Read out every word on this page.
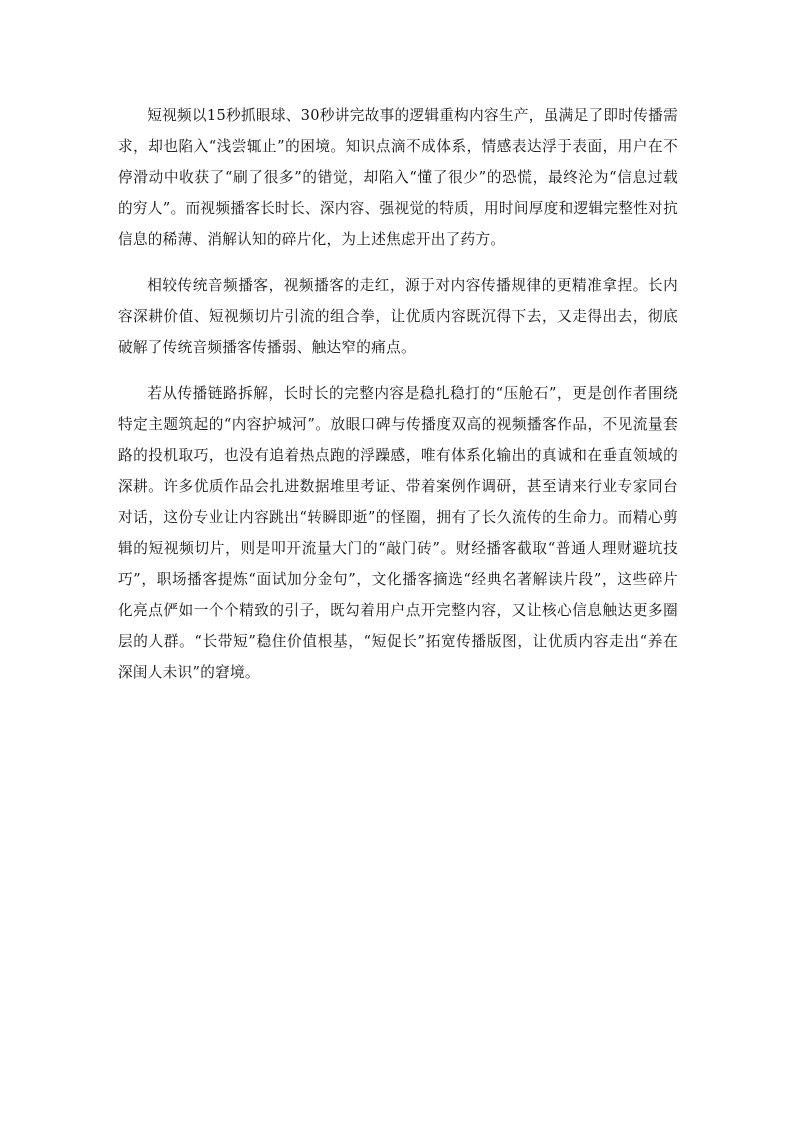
短视频以15秒抓眼球、30秒讲完故事的逻辑重构内容生产，虽满足了即时传播需求，却也陷入“浅尝辄止”的困境。知识点滴不成体系，情感表达浮于表面，用户在不停滑动中收获了“刷了很多”的错觉，却陷入“懂了很少”的恐慌，最终沦为“信息过载的穷人”。而视频播客长时长、深内容、强视觉的特质，用时间厚度和逻辑完整性对抗信息的稀薄、消解认知的碎片化，为上述焦虑开出了药方。

相较传统音频播客，视频播客的走红，源于对内容传播规律的更精准拿捏。长内容深耕价值、短视频切片引流的组合拳，让优质内容既沉得下去，又走得出去，彻底破解了传统音频播客传播弱、触达窄的痛点。

若从传播链路拆解，长时长的完整内容是稳扎稳打的“压舱石”，更是创作者围绕特定主题筑起的“内容护城河”。放眼口碑与传播度双高的视频播客作品，不见流量套路的投机取巧，也没有追着热点跑的浮躁感，唯有体系化输出的真诚和在垂直领域的深耕。许多优质作品会扎进数据堆里考证、带着案例作调研，甚至请来行业专家同台对话，这份专业让内容跳出“转瞬即逝”的怪圈，拥有了长久流传的生命力。而精心剪辑的短视频切片，则是叩开流量大门的“敲门砖”。财经播客截取“普通人理财避坑技巧”，职场播客提炼“面试加分金句”，文化播客摘选“经典名著解读片段”，这些碎片化亮点俨如一个个精致的引子，既勾着用户点开完整内容，又让核心信息触达更多圈层的人群。“长带短”稳住价值根基，“短促长”拓宽传播版图，让优质内容走出“养在深闺人未识”的窘境。
